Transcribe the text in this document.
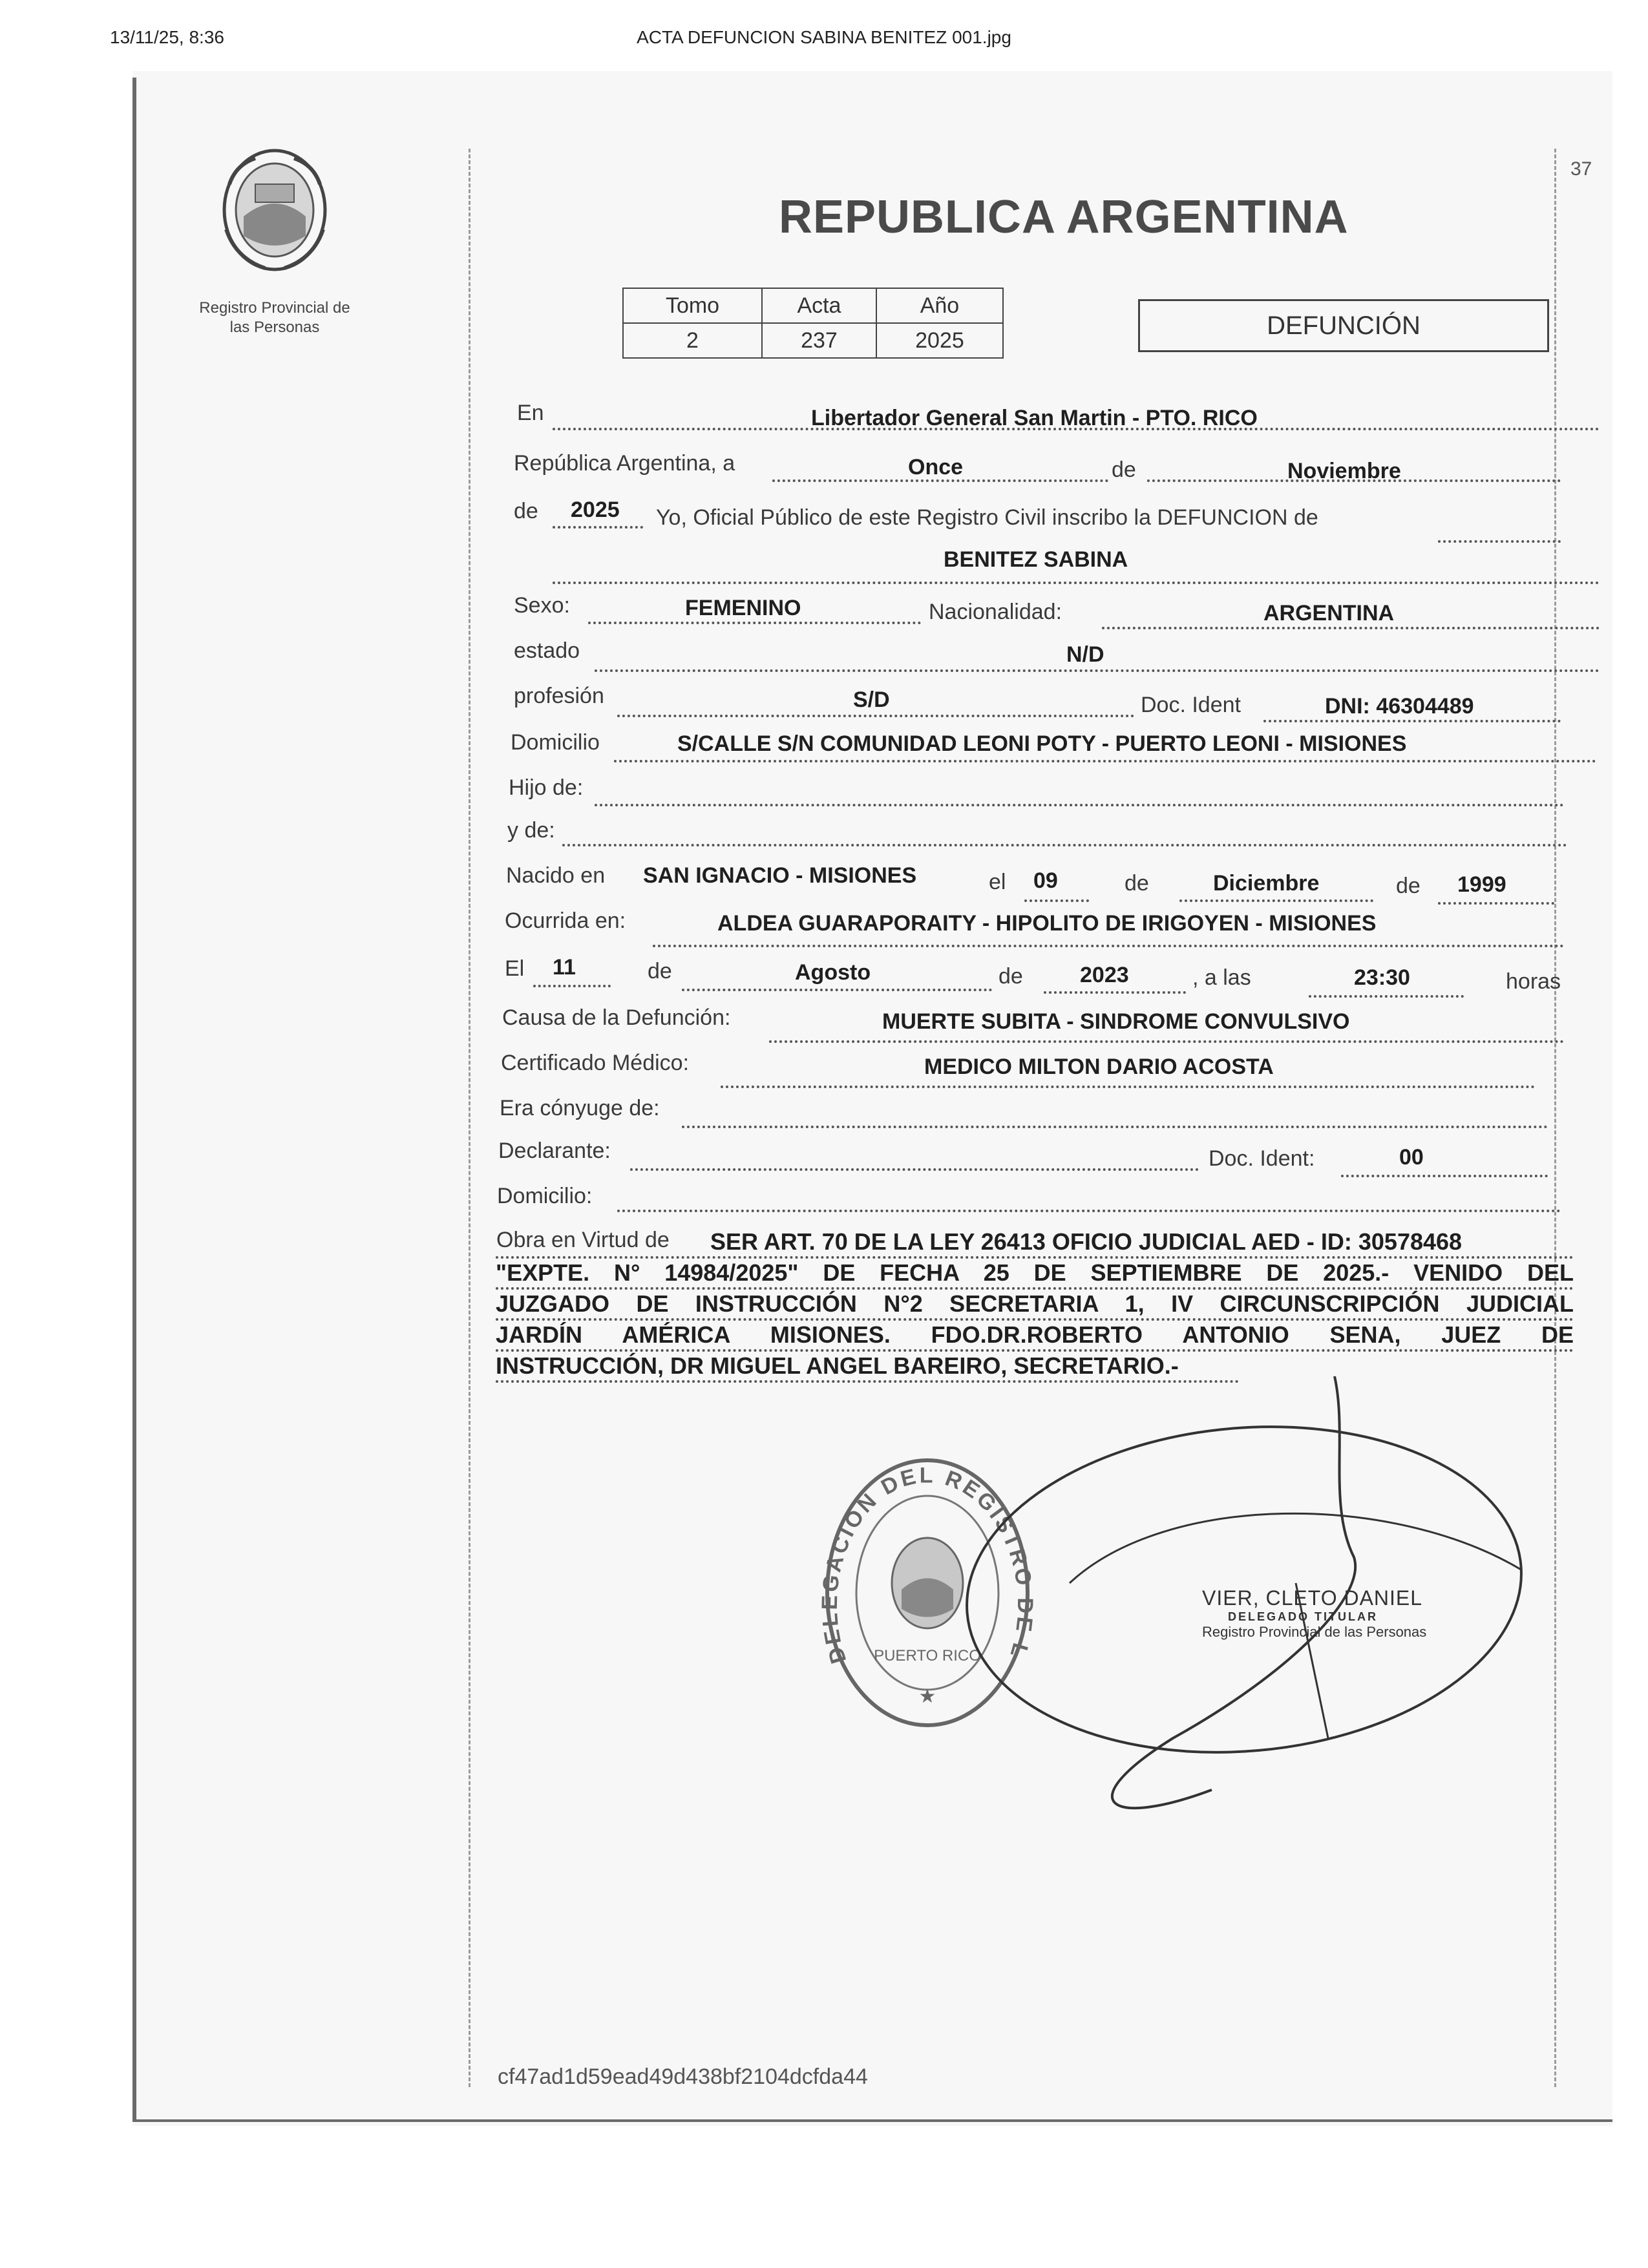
13/11/25, 8:36	ACTA DEFUNCION SABINA BENITEZ 001.jpg
37
Registro Provincial de
las Personas
REPUBLICA ARGENTINA
Tomo	Acta	Año
2	237	2025
DEFUNCIÓN
En	Libertador General San Martin - PTO. RICO
República Argentina, a	Once	de	Noviembre
de 2025 Yo, Oficial Público de este Registro Civil inscribo la DEFUNCION de
BENITEZ SABINA
Sexo:	FEMENINO	Nacionalidad:	ARGENTINA
estado	N/D
profesión	S/D	Doc. Ident	DNI: 46304489
Domicilio	S/CALLE S/N COMUNIDAD LEONI POTY - PUERTO LEONI - MISIONES
Hijo de:
y de:
Nacido en SAN IGNACIO - MISIONES	el 09	de	Diciembre	de 1999
Ocurrida en:	ALDEA GUARAPORAITY - HIPOLITO DE IRIGOYEN - MISIONES
El 11	de	Agosto	de	2023	, a las	23:30	horas
Causa de la Defunción:	MUERTE SUBITA - SINDROME CONVULSIVO
Certificado Médico:	MEDICO MILTON DARIO ACOSTA
Era cónyuge de:
Declarante:	Doc. Ident:	00
Domicilio:
Obra en Virtud de	SER ART. 70 DE LA LEY 26413 OFICIO JUDICIAL AED - ID: 30578468
"EXPTE. N° 14984/2025" DE FECHA 25 DE SEPTIEMBRE DE 2025.- VENIDO DEL
JUZGADO DE INSTRUCCIÓN N°2 SECRETARIA 1, IV CIRCUNSCRIPCIÓN JUDICIAL
JARDÍN AMÉRICA MISIONES. FDO.DR.ROBERTO ANTONIO SENA, JUEZ DE
INSTRUCCIÓN, DR MIGUEL ANGEL BAREIRO, SECRETARIO.-
DE ACION DEL REGISTRO L
PUERTO RICO
★
VIER, CLETO DANIEL
DELEGADO TITULAR
Registro Provincial de las Personas
cf47ad1d59ead49d438bf2104dcfda44
